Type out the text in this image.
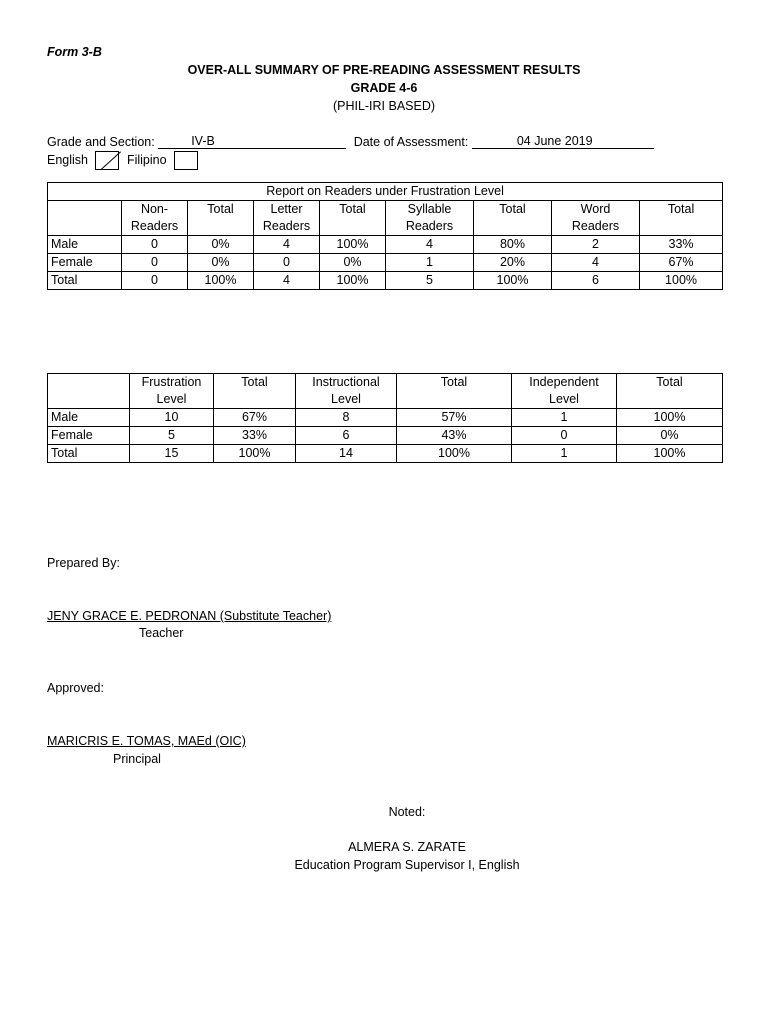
Form 3-B
OVER-ALL SUMMARY OF PRE-READING ASSESSMENT RESULTS
GRADE 4-6
(PHIL-IRI BASED)
Grade and Section:	IV-B	Date of Assessment:	04 June 2019
English	Filipino
Report on Readers under Frustration Level								
	Non-	Total	Letter	Total	Syllable	Total	Word	Total
	Readers		Readers		Readers		Readers	
Male	0	0%	4	100%	4	80%	2	33%
Female	0	0%	0	0%	1	20%	4	67%
Total	0	100%	4	100%	5	100%	6	100%
	Frustration	Total	Instructional	Total	Independent	Total
	Level		Level		Level	
Male	10	67%	8	57%	1	100%
Female	5	33%	6	43%	0	0%
Total	15	100%	14	100%	1	100%
Prepared By:
JENY GRACE E. PEDRONAN (Substitute Teacher)
Teacher
Approved:
MARICRIS E. TOMAS, MAEd (OIC)
Principal
Noted:
ALMERA S. ZARATE
Education Program Supervisor I, English
